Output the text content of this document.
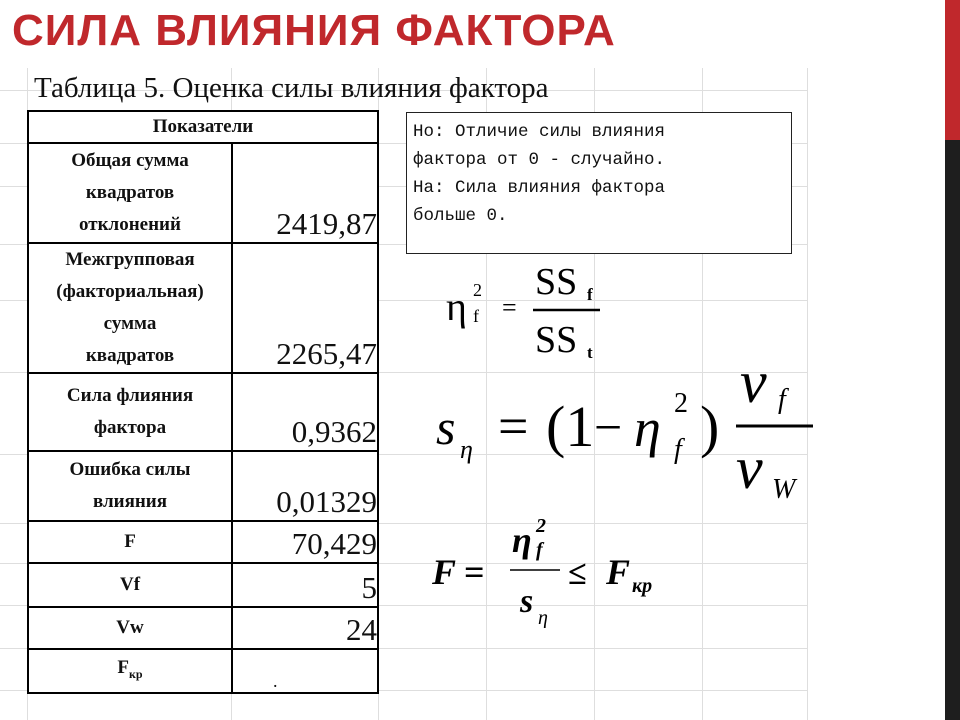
СИЛА ВЛИЯНИЯ ФАКТОРА
Таблица 5. Оценка силы влияния фактора
Показатели	

Общая сумма
квадратов
отклонений	2419,87

Межгрупповая
(факториальная)
сумма
квадратов	2265,47

Сила флияния
фактора	0,9362

Ошибка силы
влияния	0,01329
F	70,429
Vf	5
Vw	24
$F_{кр}$	.
Но: Отличие силы влияния
фактора от 0 - случайно.
На: Сила влияния фактора
больше 0.
η 2
f =
SS f
SS t
s η = (1 − η 2
f )
ν f
ν W
F =
η 2
f
s η
≤ F кр
